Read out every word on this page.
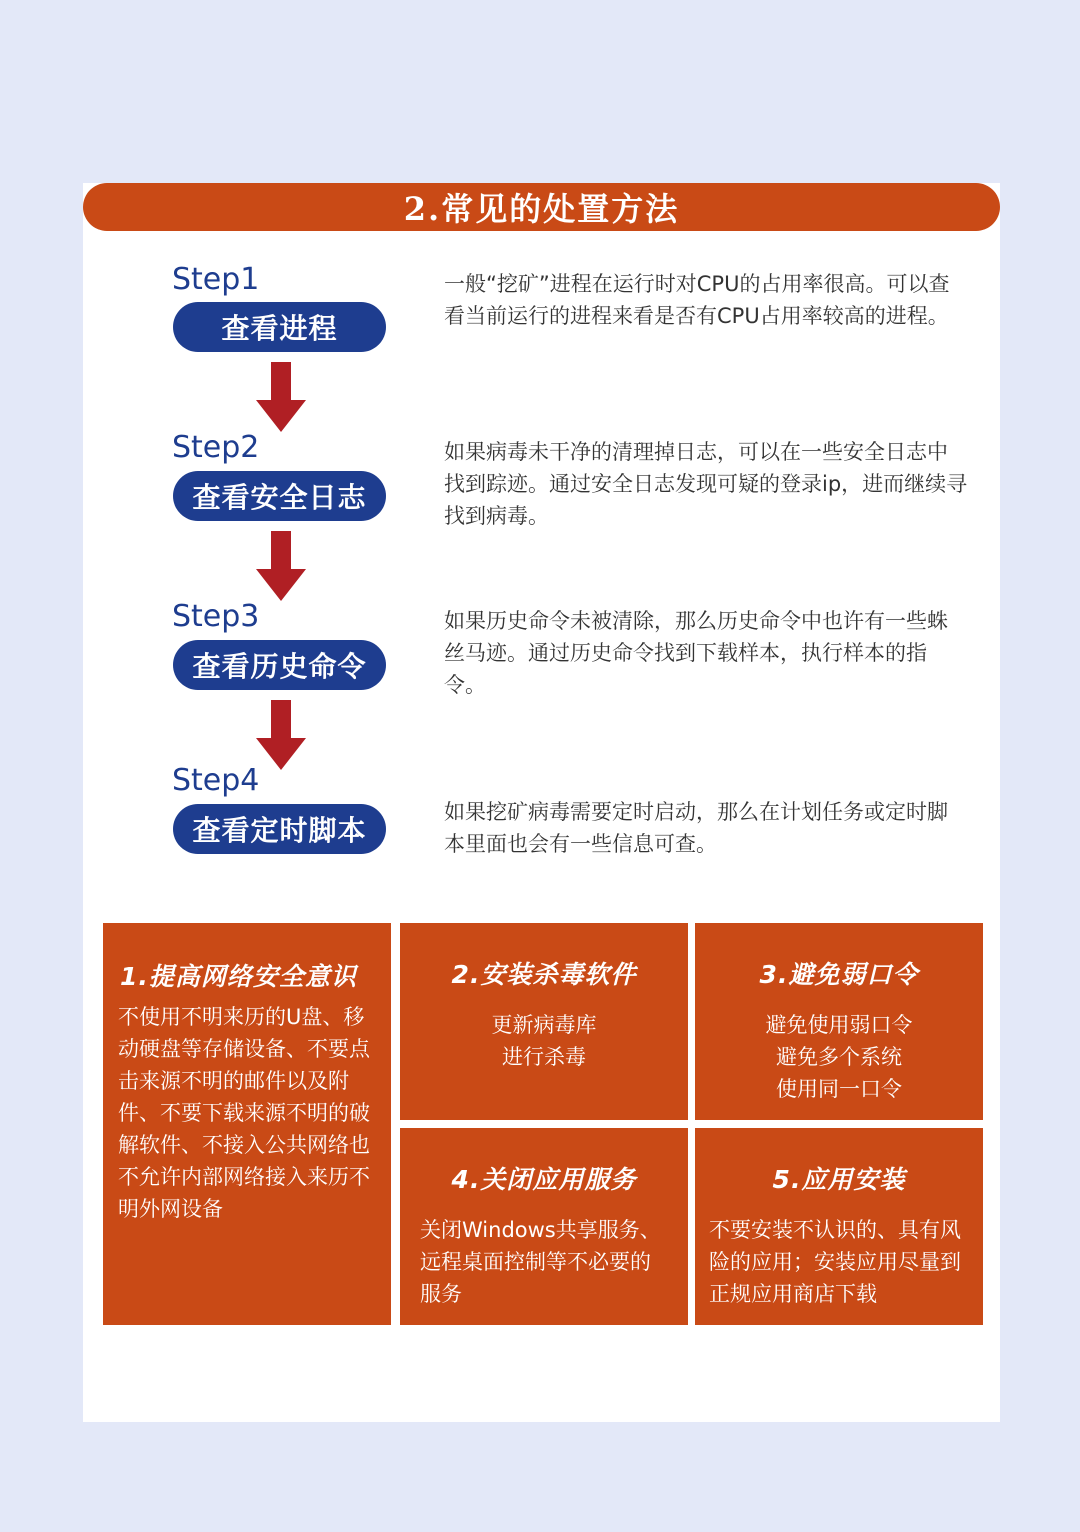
2.常见的处置方法
Step1
查看进程
一般“挖矿”进程在运行时对CPU的占用率很高。可以查看当前运行的进程来看是否有CPU占用率较高的进程。
Step2
查看安全日志
如果病毒未干净的清理掉日志，可以在一些安全日志中找到踪迹。通过安全日志发现可疑的登录ip，进而继续寻找到病毒。
Step3
查看历史命令
如果历史命令未被清除，那么历史命令中也许有一些蛛丝马迹。通过历史命令找到下载样本，执行样本的指令。
Step4
查看定时脚本
如果挖矿病毒需要定时启动，那么在计划任务或定时脚本里面也会有一些信息可查。
1.提高网络安全意识
不使用不明来历的U盘、移动硬盘等存储设备、不要点击来源不明的邮件以及附件、不要下载来源不明的破解软件、不接入公共网络也不允许内部网络接入来历不明外网设备
2.安装杀毒软件
更新病毒库
进行杀毒
3.避免弱口令
避免使用弱口令
避免多个系统
使用同一口令
4.关闭应用服务
关闭Windows共享服务、远程桌面控制等不必要的服务
5.应用安装
不要安装不认识的、具有风险的应用；安装应用尽量到正规应用商店下载
